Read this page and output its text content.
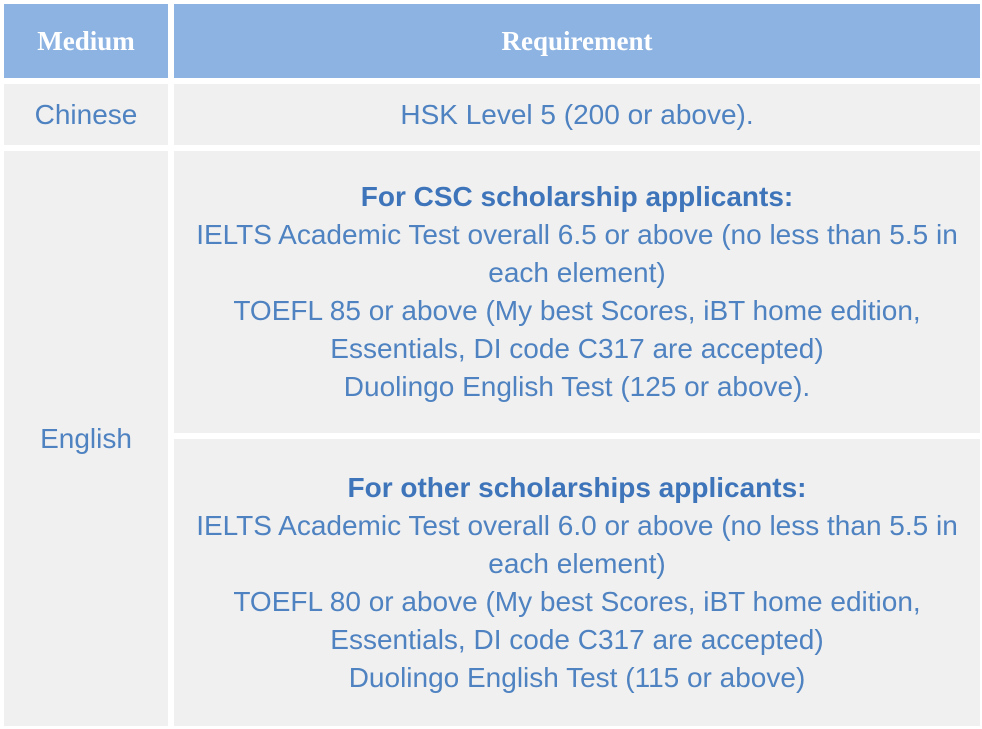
Medium	Requirement
Chinese	HSK Level 5 (200 or above).
English

For CSC scholarship applicants:

IELTS Academic Test overall 6.5 or above (no less than 5.5 in each element)

TOEFL 85 or above (My best Scores, iBT home edition, Essentials, DI code C317 are accepted)

Duolingo English Test (125 or above).

For other scholarships applicants:

IELTS Academic Test overall 6.0 or above (no less than 5.5 in each element)

TOEFL 80 or above (My best Scores, iBT home edition, Essentials, DI code C317 are accepted)

Duolingo English Test (115 or above)
